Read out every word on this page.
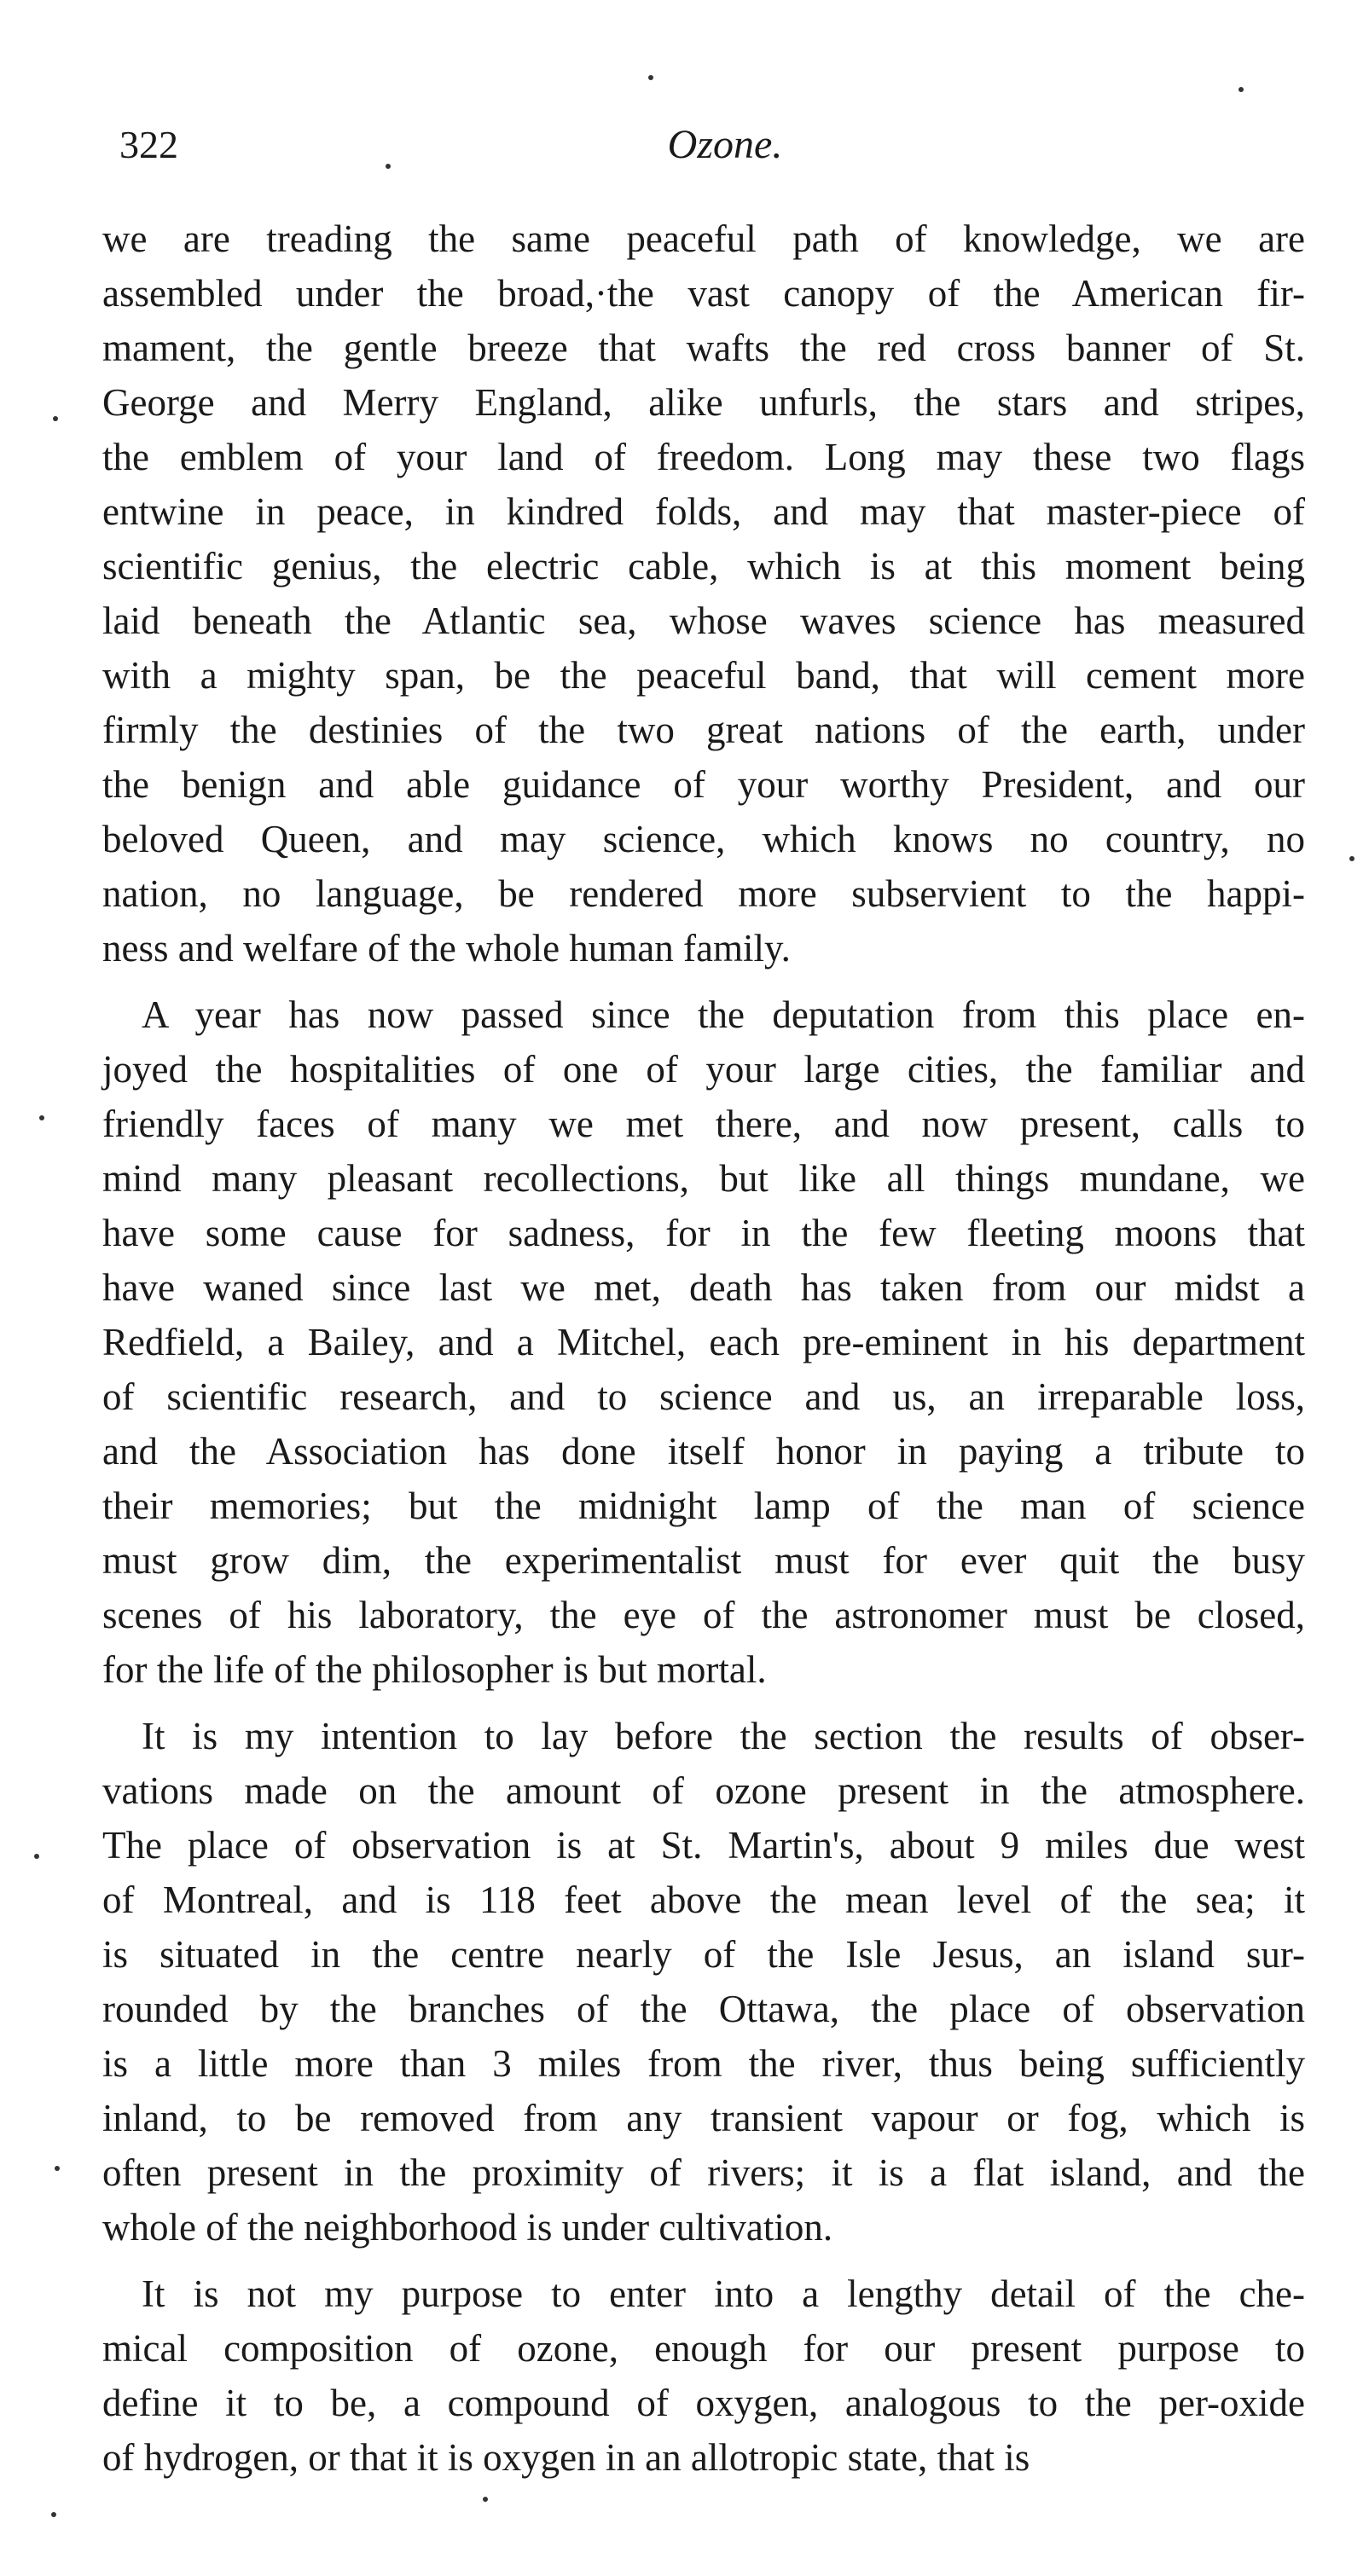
322	Ozone.
we are treading the same peaceful path of knowledge, we are
assembled under the broad,·the vast canopy of the American fir-
mament, the gentle breeze that wafts the red cross banner of St.
George and Merry England, alike unfurls, the stars and stripes,
the emblem of your land of freedom. Long may these two flags
entwine in peace, in kindred folds, and may that master-piece of
scientific genius, the electric cable, which is at this moment being
laid beneath the Atlantic sea, whose waves science has measured
with a mighty span, be the peaceful band, that will cement more
firmly the destinies of the two great nations of the earth, under
the benign and able guidance of your worthy President, and our
beloved Queen, and may science, which knows no country, no
nation, no language, be rendered more subservient to the happi-
ness and welfare of the whole human family.
A year has now passed since the deputation from this place en-
joyed the hospitalities of one of your large cities, the familiar and
friendly faces of many we met there, and now present, calls to
mind many pleasant recollections, but like all things mundane, we
have some cause for sadness, for in the few fleeting moons that
have waned since last we met, death has taken from our midst a
Redfield, a Bailey, and a Mitchel, each pre-eminent in his department
of scientific research, and to science and us, an irreparable loss,
and the Association has done itself honor in paying a tribute to
their memories; but the midnight lamp of the man of science
must grow dim, the experimentalist must for ever quit the busy
scenes of his laboratory, the eye of the astronomer must be closed,
for the life of the philosopher is but mortal.
It is my intention to lay before the section the results of obser-
vations made on the amount of ozone present in the atmosphere.
The place of observation is at St. Martin's, about 9 miles due west
of Montreal, and is 118 feet above the mean level of the sea; it
is situated in the centre nearly of the Isle Jesus, an island sur-
rounded by the branches of the Ottawa, the place of observation
is a little more than 3 miles from the river, thus being sufficiently
inland, to be removed from any transient vapour or fog, which is
often present in the proximity of rivers; it is a flat island, and the
whole of the neighborhood is under cultivation.
It is not my purpose to enter into a lengthy detail of the che-
mical composition of ozone, enough for our present purpose to
define it to be, a compound of oxygen, analogous to the per-oxide
of hydrogen, or that it is oxygen in an allotropic state, that is
